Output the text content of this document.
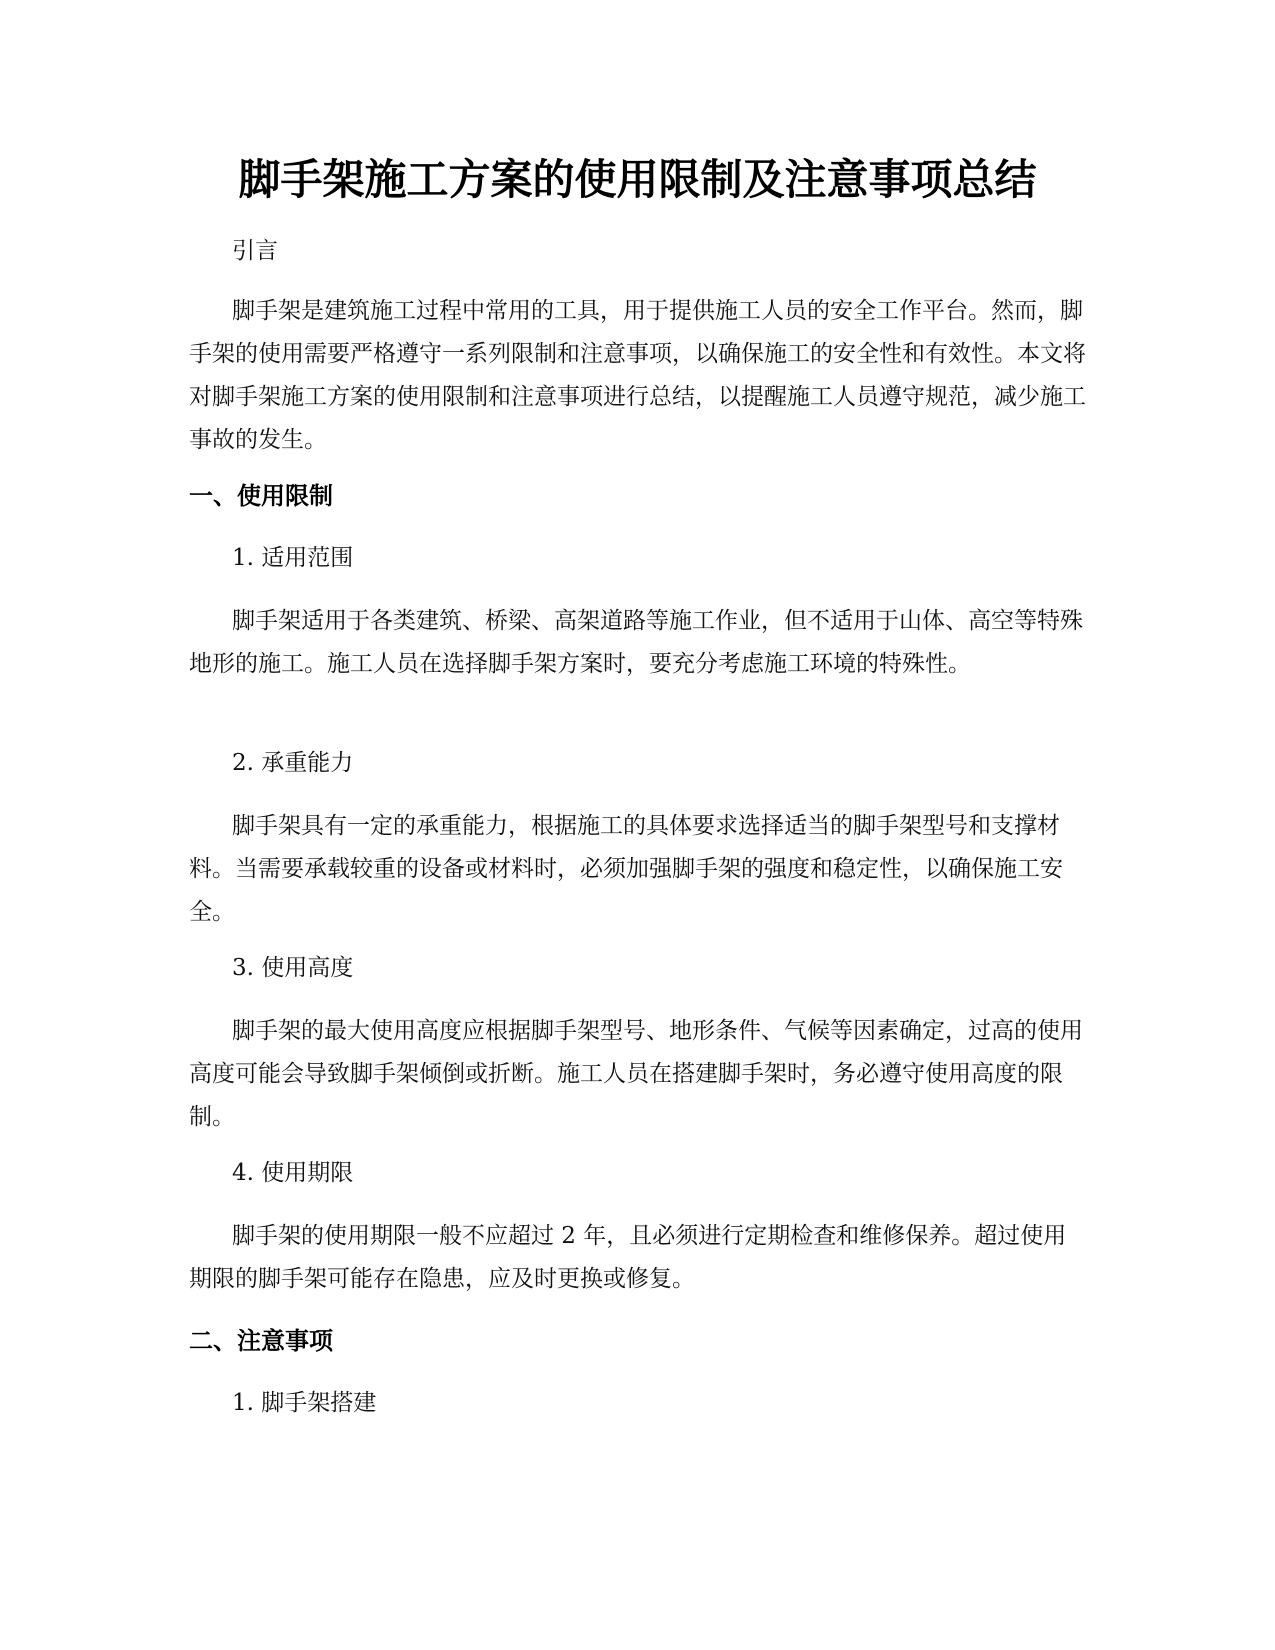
脚手架施工方案的使用限制及注意事项总结

引言

脚手架是建筑施工过程中常用的工具，用于提供施工人员的安全工作平台。然而，脚手架的使用需要严格遵守一系列限制和注意事项，以确保施工的安全性和有效性。本文将对脚手架施工方案的使用限制和注意事项进行总结，以提醒施工人员遵守规范，减少施工事故的发生。

一、使用限制

1. 适用范围

脚手架适用于各类建筑、桥梁、高架道路等施工作业，但不适用于山体、高空等特殊地形的施工。施工人员在选择脚手架方案时，要充分考虑施工环境的特殊性。

2. 承重能力

脚手架具有一定的承重能力，根据施工的具体要求选择适当的脚手架型号和支撑材料。当需要承载较重的设备或材料时，必须加强脚手架的强度和稳定性，以确保施工安全。

3. 使用高度

脚手架的最大使用高度应根据脚手架型号、地形条件、气候等因素确定，过高的使用高度可能会导致脚手架倾倒或折断。施工人员在搭建脚手架时，务必遵守使用高度的限制。

4. 使用期限

脚手架的使用期限一般不应超过 2 年，且必须进行定期检查和维修保养。超过使用期限的脚手架可能存在隐患，应及时更换或修复。

二、注意事项

1. 脚手架搭建
